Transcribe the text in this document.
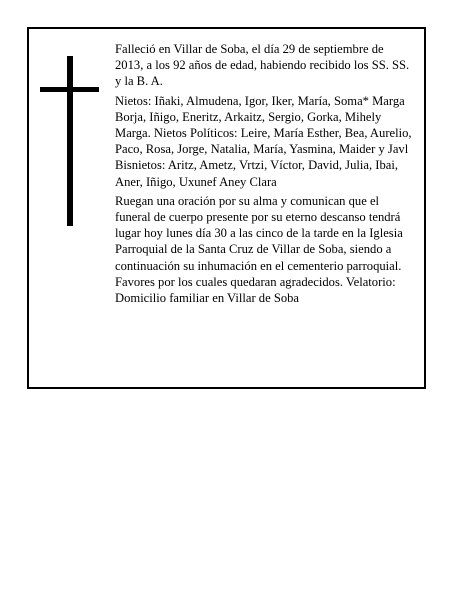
Falleció en Villar de Soba, el día 29 de septiembre de 2013, a los 92 años de edad, habiendo recibido los SS. SS. y la B. A.

Nietos: Iñaki, Almudena, Igor, Iker, María, Soma* Marga Borja, Iñigo, Eneritz, Arkaitz, Sergio, Gorka, Mihely Marga. Nietos Políticos: Leire, María Esther, Bea, Aurelio, Paco, Rosa, Jorge, Natalia, María, Yasmina, Maider y Javl Bisnietos: Aritz, Ametz, Vrtzi, Víctor, David, Julia, Ibai, Aner, Iñigo, Uxunef Aney Clara

Ruegan una oración por su alma y comunican que el funeral de cuerpo presente por su eterno descanso tendrá lugar hoy lunes día 30 a las cinco de la tarde en la Iglesia Parroquial de la Santa Cruz de Villar de Soba, siendo a continuación su inhumación en el cementerio parroquial. Favores por los cuales quedaran agradecidos. Velatorio: Domicilio familiar en Villar de Soba
